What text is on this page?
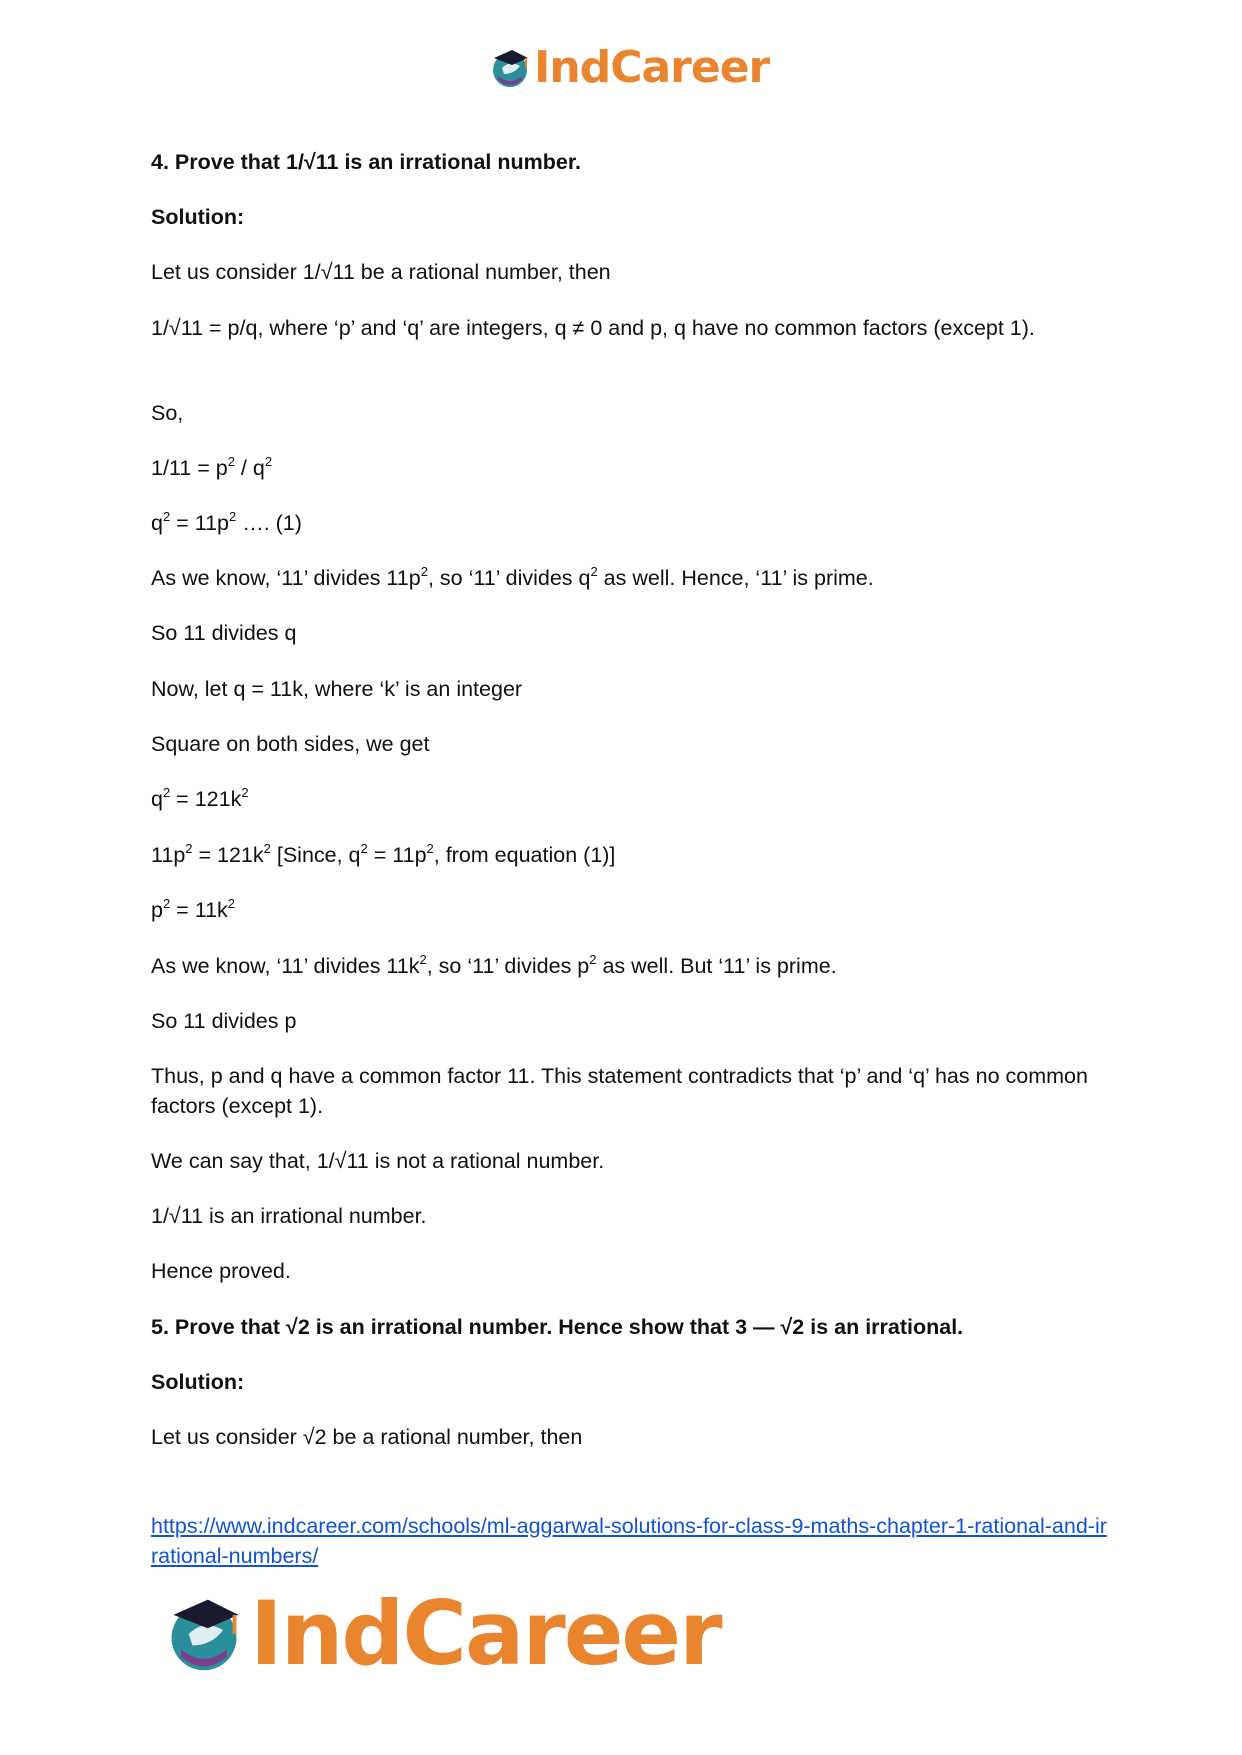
IndCareer
4. Prove that 1/√11 is an irrational number.
Solution:
Let us consider 1/√11 be a rational number, then
1/√11 = p/q, where ‘p’ and ‘q’ are integers, q ≠ 0 and p, q have no common factors (except 1).
So,
$1/11 = p^2 / q^2$
$q^2 = 11p^2$ …. (1)
As we know, ‘11’ divides $11p^2$, so ‘11’ divides $q^2$ as well. Hence, ‘11’ is prime.
So 11 divides q
Now, let q = 11k, where ‘k’ is an integer
Square on both sides, we get
$q^2 = 121k^2$
$11p^2 = 121k^2$ [Since, $q^2 = 11p^2$, from equation (1)]
$p^2 = 11k^2$
As we know, ‘11’ divides $11k^2$, so ‘11’ divides $p^2$ as well. But ‘11’ is prime.
So 11 divides p
Thus, p and q have a common factor 11. This statement contradicts that ‘p’ and ‘q’ has no common factors (except 1).
We can say that, 1/√11 is not a rational number.
1/√11 is an irrational number.
Hence proved.
5. Prove that √2 is an irrational number. Hence show that 3 — √2 is an irrational.
Solution:
Let us consider √2 be a rational number, then
https://www.indcareer.com/schools/ml-aggarwal-solutions-for-class-9-maths-chapter-1-rational-and-irrational-numbers/
IndCareer
